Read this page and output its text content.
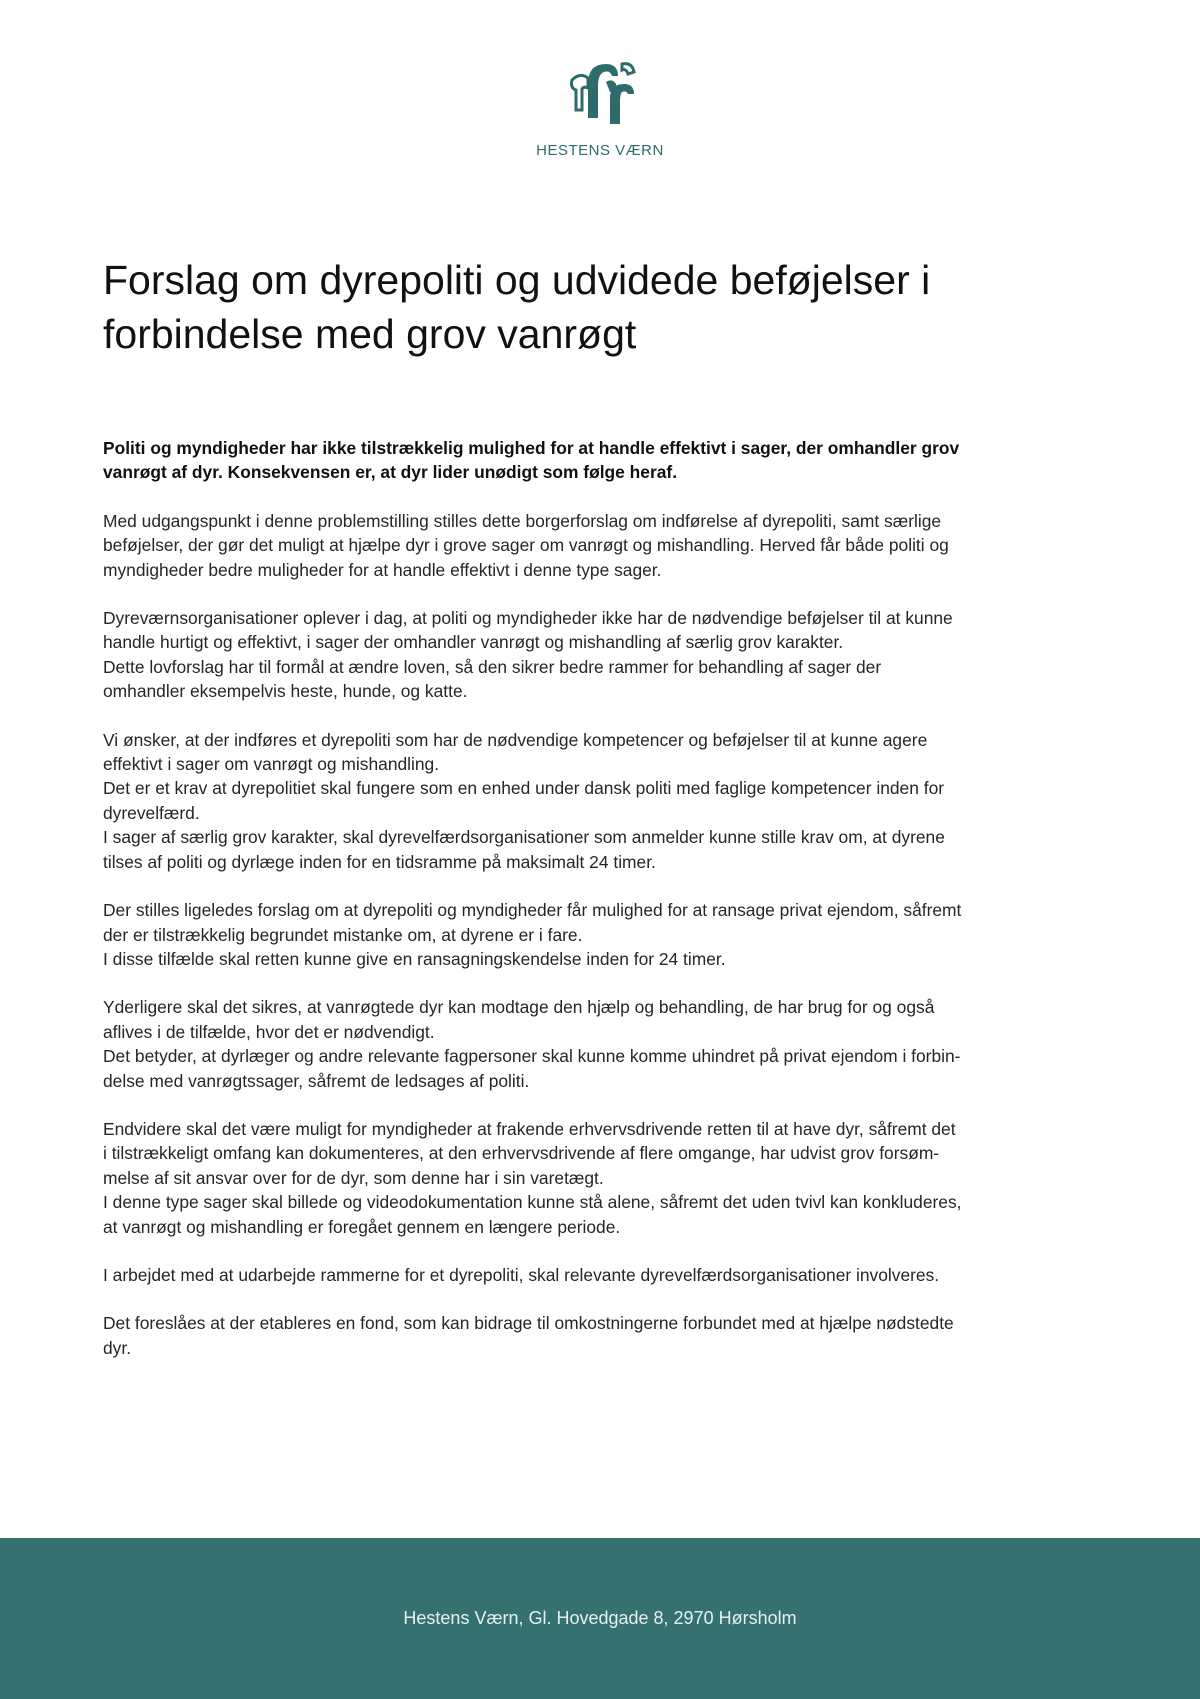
HESTENS VÆRN
Forslag om dyrepoliti og udvidede beføjelser i
forbindelse med grov vanrøgt

Politi og myndigheder har ikke tilstrækkelig mulighed for at handle effektivt i sager, der omhandler grov
vanrøgt af dyr. Konsekvensen er, at dyr lider unødigt som følge heraf.

Med udgangspunkt i denne problemstilling stilles dette borgerforslag om indførelse af dyrepoliti, samt særlige
beføjelser, der gør det muligt at hjælpe dyr i grove sager om vanrøgt og mishandling. Herved får både politi og
myndigheder bedre muligheder for at handle effektivt i denne type sager.

Dyreværnsorganisationer oplever i dag, at politi og myndigheder ikke har de nødvendige beføjelser til at kunne
handle hurtigt og effektivt, i sager der omhandler vanrøgt og mishandling af særlig grov karakter.
Dette lovforslag har til formål at ændre loven, så den sikrer bedre rammer for behandling af sager der
omhandler eksempelvis heste, hunde, og katte.

Vi ønsker, at der indføres et dyrepoliti som har de nødvendige kompetencer og beføjelser til at kunne agere
effektivt i sager om vanrøgt og mishandling.
Det er et krav at dyrepolitiet skal fungere som en enhed under dansk politi med faglige kompetencer inden for
dyrevelfærd.
I sager af særlig grov karakter, skal dyrevelfærdsorganisationer som anmelder kunne stille krav om, at dyrene
tilses af politi og dyrlæge inden for en tidsramme på maksimalt 24 timer.

Der stilles ligeledes forslag om at dyrepoliti og myndigheder får mulighed for at ransage privat ejendom, såfremt
der er tilstrækkelig begrundet mistanke om, at dyrene er i fare.
I disse tilfælde skal retten kunne give en ransagningskendelse inden for 24 timer.

Yderligere skal det sikres, at vanrøgtede dyr kan modtage den hjælp og behandling, de har brug for og også
aflives i de tilfælde, hvor det er nødvendigt.
Det betyder, at dyrlæger og andre relevante fagpersoner skal kunne komme uhindret på privat ejendom i forbin-
delse med vanrøgtssager, såfremt de ledsages af politi.

Endvidere skal det være muligt for myndigheder at frakende erhvervsdrivende retten til at have dyr, såfremt det
i tilstrækkeligt omfang kan dokumenteres, at den erhvervsdrivende af flere omgange, har udvist grov forsøm-
melse af sit ansvar over for de dyr, som denne har i sin varetægt.
I denne type sager skal billede og videodokumentation kunne stå alene, såfremt det uden tvivl kan konkluderes,
at vanrøgt og mishandling er foregået gennem en længere periode.

I arbejdet med at udarbejde rammerne for et dyrepoliti, skal relevante dyrevelfærdsorganisationer involveres.

Det foreslåes at der etableres en fond, som kan bidrage til omkostningerne forbundet med at hjælpe nødstedte
dyr.

Hestens Værn, Gl. Hovedgade 8, 2970 Hørsholm
